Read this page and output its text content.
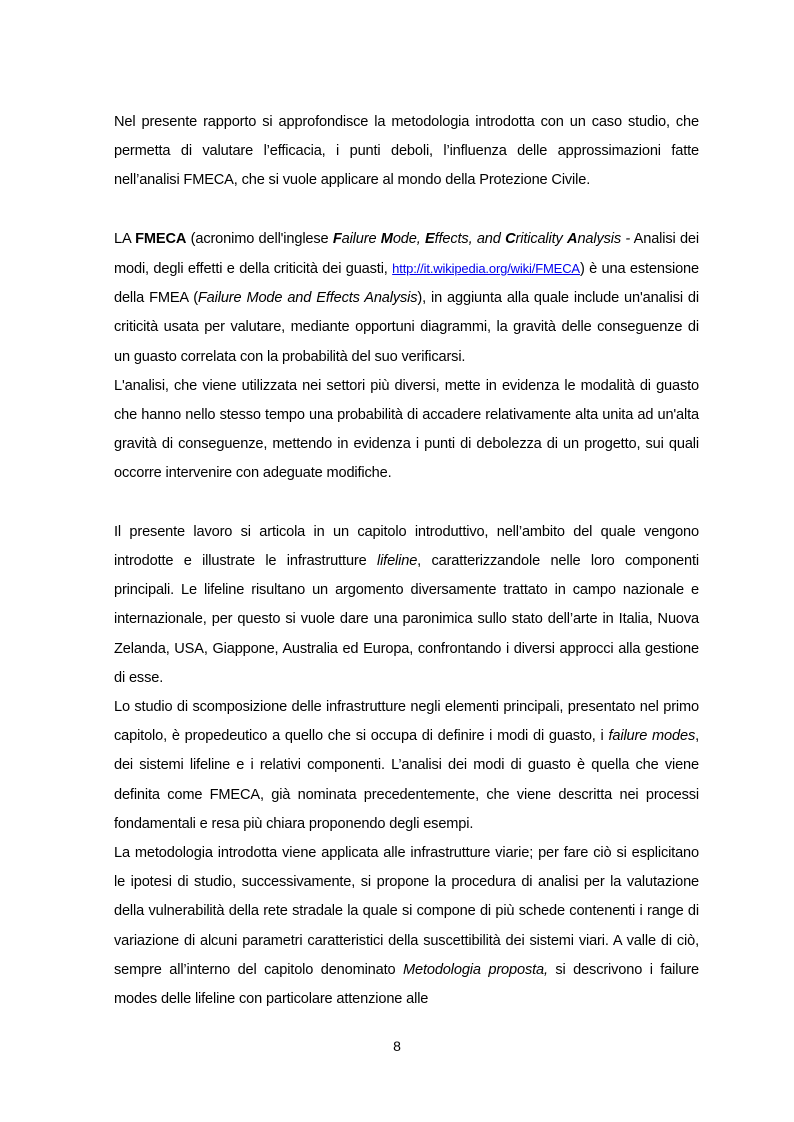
Nel presente rapporto si approfondisce la metodologia introdotta con un caso studio, che permetta di valutare l’efficacia, i punti deboli, l’influenza delle approssimazioni fatte nell’analisi FMECA, che si vuole applicare al mondo della Protezione Civile.

LA FMECA (acronimo dell'inglese Failure Mode, Effects, and Criticality Analysis - Analisi dei modi, degli effetti e della criticità dei guasti, http://it.wikipedia.org/wiki/FMECA) è una estensione della FMEA (Failure Mode and Effects Analysis), in aggiunta alla quale include un'analisi di criticità usata per valutare, mediante opportuni diagrammi, la gravità delle conseguenze di un guasto correlata con la probabilità del suo verificarsi.

L'analisi, che viene utilizzata nei settori più diversi, mette in evidenza le modalità di guasto che hanno nello stesso tempo una probabilità di accadere relativamente alta unita ad un'alta gravità di conseguenze, mettendo in evidenza i punti di debolezza di un progetto, sui quali occorre intervenire con adeguate modifiche.

Il presente lavoro si articola in un capitolo introduttivo, nell’ambito del quale vengono introdotte e illustrate le infrastrutture lifeline, caratterizzandole nelle loro componenti principali. Le lifeline risultano un argomento diversamente trattato in campo nazionale e internazionale, per questo si vuole dare una paronimica sullo stato dell’arte in Italia, Nuova Zelanda, USA, Giappone, Australia ed Europa, confrontando i diversi approcci alla gestione di esse.

Lo studio di scomposizione delle infrastrutture negli elementi principali, presentato nel primo capitolo, è propedeutico a quello che si occupa di definire i modi di guasto, i failure modes, dei sistemi lifeline e i relativi componenti. L’analisi dei modi di guasto è quella che viene definita come FMECA, già nominata precedentemente, che viene descritta nei processi fondamentali e resa più chiara proponendo degli esempi.

La metodologia introdotta viene applicata alle infrastrutture viarie; per fare ciò si esplicitano le ipotesi di studio, successivamente, si propone la procedura di analisi per la valutazione della vulnerabilità della rete stradale la quale si compone di più schede contenenti i range di variazione di alcuni parametri caratteristici della suscettibilità dei sistemi viari. A valle di ciò, sempre all’interno del capitolo denominato Metodologia proposta, si descrivono i failure modes delle lifeline con particolare attenzione alle

8
